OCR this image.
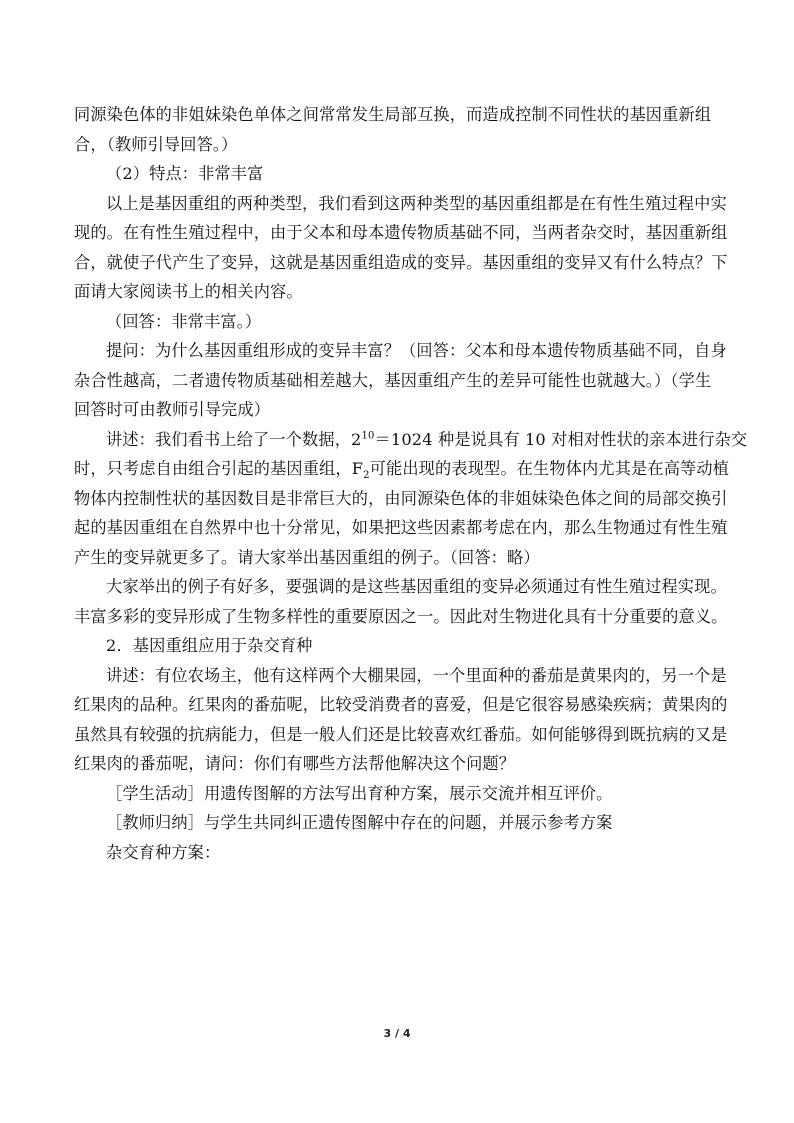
同源染色体的非姐妹染色单体之间常常发生局部互换，而造成控制不同性状的基因重新组
合，（教师引导回答。）
（2）特点：非常丰富
以上是基因重组的两种类型，我们看到这两种类型的基因重组都是在有性生殖过程中实
现的。在有性生殖过程中，由于父本和母本遗传物质基础不同，当两者杂交时，基因重新组
合，就使子代产生了变异，这就是基因重组造成的变异。基因重组的变异又有什么特点？下
面请大家阅读书上的相关内容。
（回答：非常丰富。）
提问：为什么基因重组形成的变异丰富？（回答：父本和母本遗传物质基础不同，自身
杂合性越高，二者遗传物质基础相差越大，基因重组产生的差异可能性也就越大。）（学生
回答时可由教师引导完成）
讲述：我们看书上给了一个数据，$2^{10}=1024$ 种是说具有 10 对相对性状的亲本进行杂交
时，只考虑自由组合引起的基因重组，$F_2$可能出现的表现型。在生物体内尤其是在高等动植
物体内控制性状的基因数目是非常巨大的，由同源染色体的非姐妹染色体之间的局部交换引
起的基因重组在自然界中也十分常见，如果把这些因素都考虑在内，那么生物通过有性生殖
产生的变异就更多了。请大家举出基因重组的例子。（回答：略）
大家举出的例子有好多，要强调的是这些基因重组的变异必须通过有性生殖过程实现。
丰富多彩的变异形成了生物多样性的重要原因之一。因此对生物进化具有十分重要的意义。
2．基因重组应用于杂交育种
讲述：有位农场主，他有这样两个大棚果园，一个里面种的番茄是黄果肉的，另一个是
红果肉的品种。红果肉的番茄呢，比较受消费者的喜爱，但是它很容易感染疾病；黄果肉的
虽然具有较强的抗病能力，但是一般人们还是比较喜欢红番茄。如何能够得到既抗病的又是
红果肉的番茄呢，请问：你们有哪些方法帮他解决这个问题？
［学生活动］用遗传图解的方法写出育种方案，展示交流并相互评价。
［教师归纳］与学生共同纠正遗传图解中存在的问题，并展示参考方案
杂交育种方案：
3 / 4
